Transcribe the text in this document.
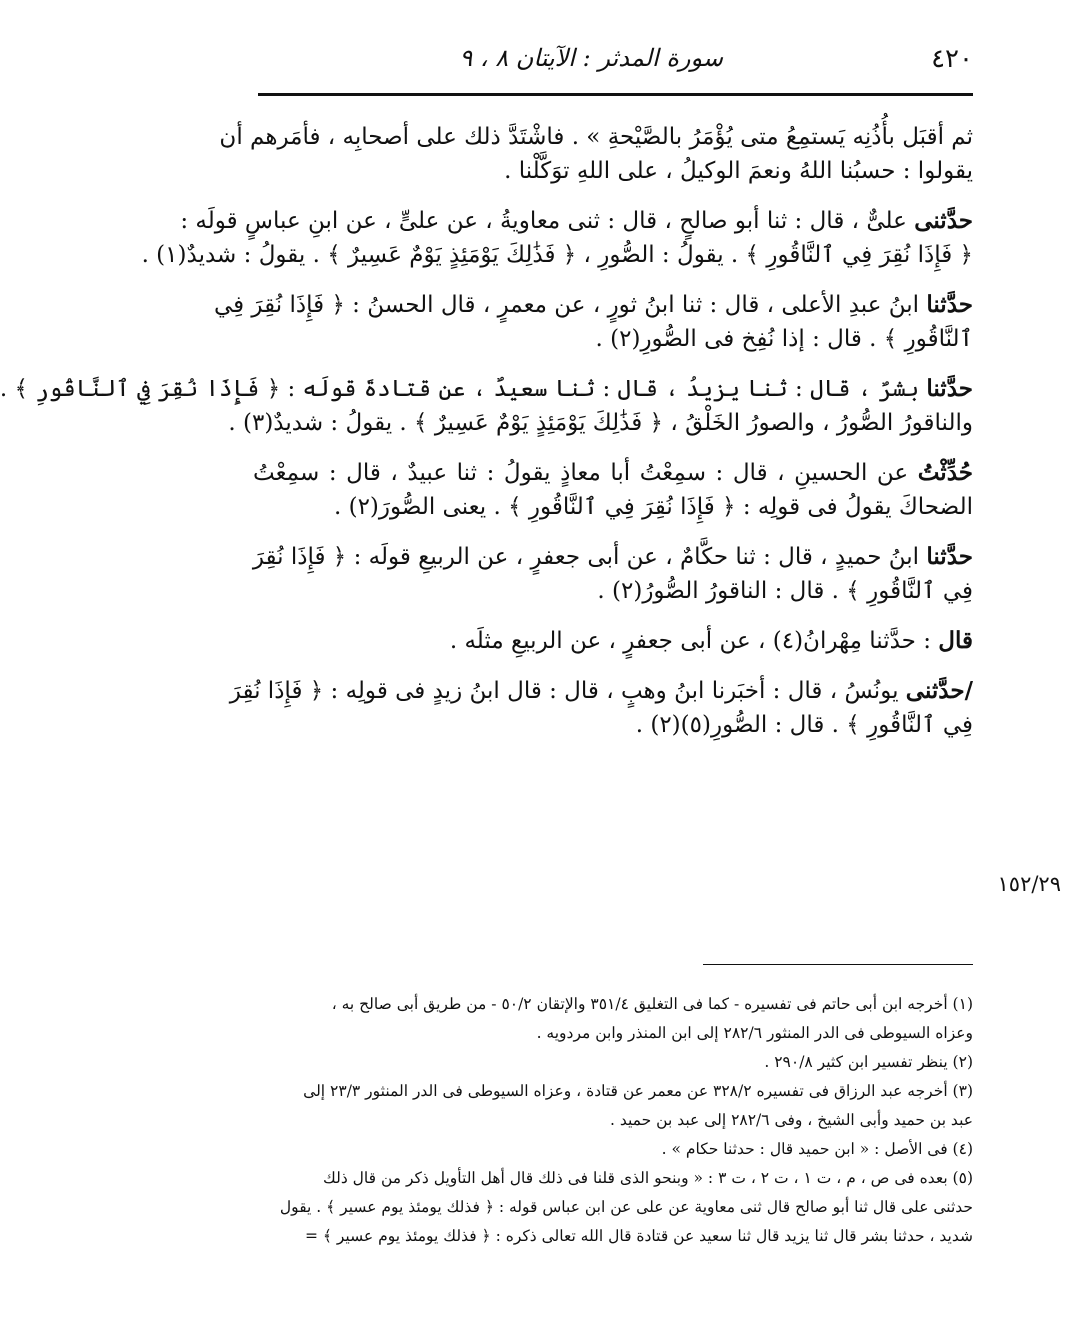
٤٢٠
سورة المدثر : الآيتان ٨ ، ٩
١٥٢/٢٩
ثم أقبَل بأُذُنِه يَستمِعُ متى يُؤْمَرُ بالصَّيْحةِ » . فاشْتَدَّ ذلك على أصحابِه ، فأمَرهم أن
يقولوا : حسبُنا اللهُ ونعمَ الوكيلُ ، على اللهِ توَكَّلْنا .
حدَّثنى علىٌّ ، قال : ثنا أبو صالحٍ ، قال : ثنى معاويةُ ، عن علىٍّ ، عن ابنِ عباسٍ قولَه :
﴿ فَإِذَا نُقِرَ فِي ٱلنَّاقُورِ ﴾ . يقولُ : الصُّورِ ، ﴿ فَذَٰلِكَ يَوْمَئِذٍ يَوْمٌ عَسِيرٌ ﴾ . يقولُ : شديدٌ(١) .
حدَّثنا ابنُ عبدِ الأعلى ، قال : ثنا ابنُ ثورٍ ، عن معمرٍ ، قال الحسنُ : ﴿ فَإِذَا نُقِرَ فِي
ٱلنَّاقُورِ ﴾ . قال : إذا نُفِخ فى الصُّورِ(٢) .
حدَّثنا بشرٌ ، قال : ثنا يزيدُ ، قال : ثنا سعيدٌ ، عن قتادةَ قولَه : ﴿ فَإِذَا نُقِرَ فِي ٱلنَّاقُورِ ﴾ .
والناقورُ الصُّورُ ، والصورُ الخَلْقُ ، ﴿ فَذَٰلِكَ يَوْمَئِذٍ يَوْمٌ عَسِيرٌ ﴾ . يقولُ : شديدٌ(٣) .
حُدِّثْتُ عن الحسينِ ، قال : سمِعْتُ أبا معاذٍ يقولُ : ثنا عبيدٌ ، قال : سمِعْتُ
الضحاكَ يقولُ فى قولِه : ﴿ فَإِذَا نُقِرَ فِي ٱلنَّاقُورِ ﴾ . يعنى الصُّورَ(٢) .
حدَّثنا ابنُ حميدٍ ، قال : ثنا حكَّامٌ ، عن أبى جعفرٍ ، عن الربيعِ قولَه : ﴿ فَإِذَا نُقِرَ
فِي ٱلنَّاقُورِ ﴾ . قال : الناقورُ الصُّورُ(٢) .
قال : حدَّثنا مِهْرانُ(٤) ، عن أبى جعفرٍ ، عن الربيعِ مثلَه .
/حدَّثنى يونُسُ ، قال : أخبَرنا ابنُ وهبٍ ، قال : قال ابنُ زيدٍ فى قولِه : ﴿ فَإِذَا نُقِرَ
فِي ٱلنَّاقُورِ ﴾ . قال : الصُّورِ(٥)(٢) .
(١) أخرجه ابن أبى حاتم فى تفسيره - كما فى التغليق ٣٥١/٤ والإتقان ٥٠/٢ - من طريق أبى صالح به ،
وعزاه السيوطى فى الدر المنثور ٢٨٢/٦ إلى ابن المنذر وابن مردويه .
(٢) ينظر تفسير ابن كثير ٢٩٠/٨ .
(٣) أخرجه عبد الرزاق فى تفسيره ٣٢٨/٢ عن معمر عن قتادة ، وعزاه السيوطى فى الدر المنثور ٢٣/٣ إلى
عبد بن حميد وأبى الشيخ ، وفى ٢٨٢/٦ إلى عبد بن حميد .
(٤) فى الأصل : « ابن حميد قال : حدثنا حكام » .
(٥) بعده فى ص ، م ، ت ١ ، ت ٢ ، ت ٣ : « وبنحو الذى قلنا فى ذلك قال أهل التأويل ذكر من قال ذلك
حدثنى على قال ثنا أبو صالح قال ثنى معاوية عن على عن ابن عباس قوله : ﴿ فذلك يومئذ يوم عسير ﴾ . يقول
شديد ، حدثنا بشر قال ثنا يزيد قال ثنا سعيد عن قتادة قال الله تعالى ذكره : ﴿ فذلك يومئذ يوم عسير ﴾ =
